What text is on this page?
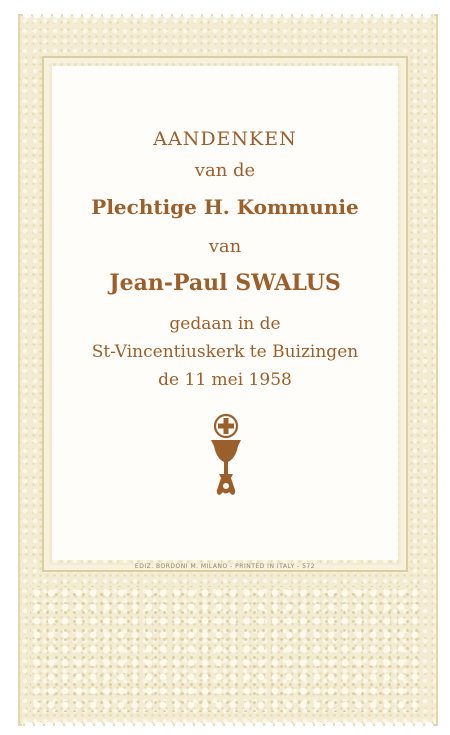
AANDENKEN
van de
Plechtige H. Kommunie
van
Jean-Paul SWALUS
gedaan in de
St-Vincentiuskerk te Buizingen
de 11 mei 1958
EDIZ. BORDONI M. MILANO - PRINTED IN ITALY - 572
